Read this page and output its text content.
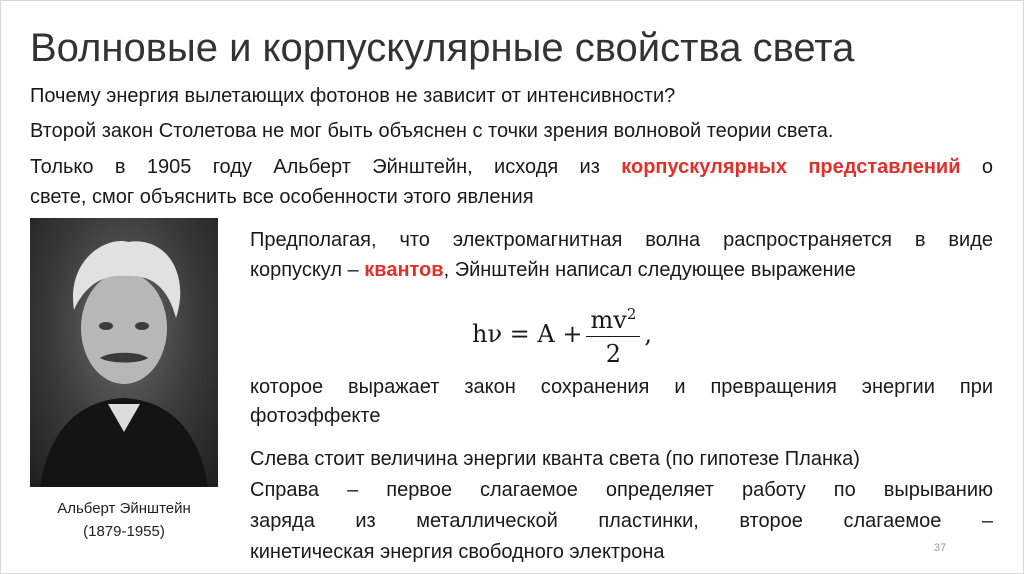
Волновые и корпускулярные свойства света
Почему энергия вылетающих фотонов не зависит от интенсивности?
Второй закон Столетова не мог быть объяснен с точки зрения волновой теории света.
Только в 1905 году Альберт Эйнштейн, исходя из корпускулярных представлений о
свете, смог объяснить все особенности этого явления
Альберт Эйнштейн
(1879-1955)
Предполагая, что электромагнитная волна распространяется в виде
корпускул – квантов, Эйнштейн написал следующее выражение
$h\nu = A + \frac{mv^2}{2}$ ,
которое выражает закон сохранения и превращения энергии при
фотоэффекте
Слева стоит величина энергии кванта света (по гипотезе Планка)
Справа – первое слагаемое определяет работу по вырыванию
заряда из металлической пластинки, второе слагаемое –
кинетическая энергия свободного электрона	37
